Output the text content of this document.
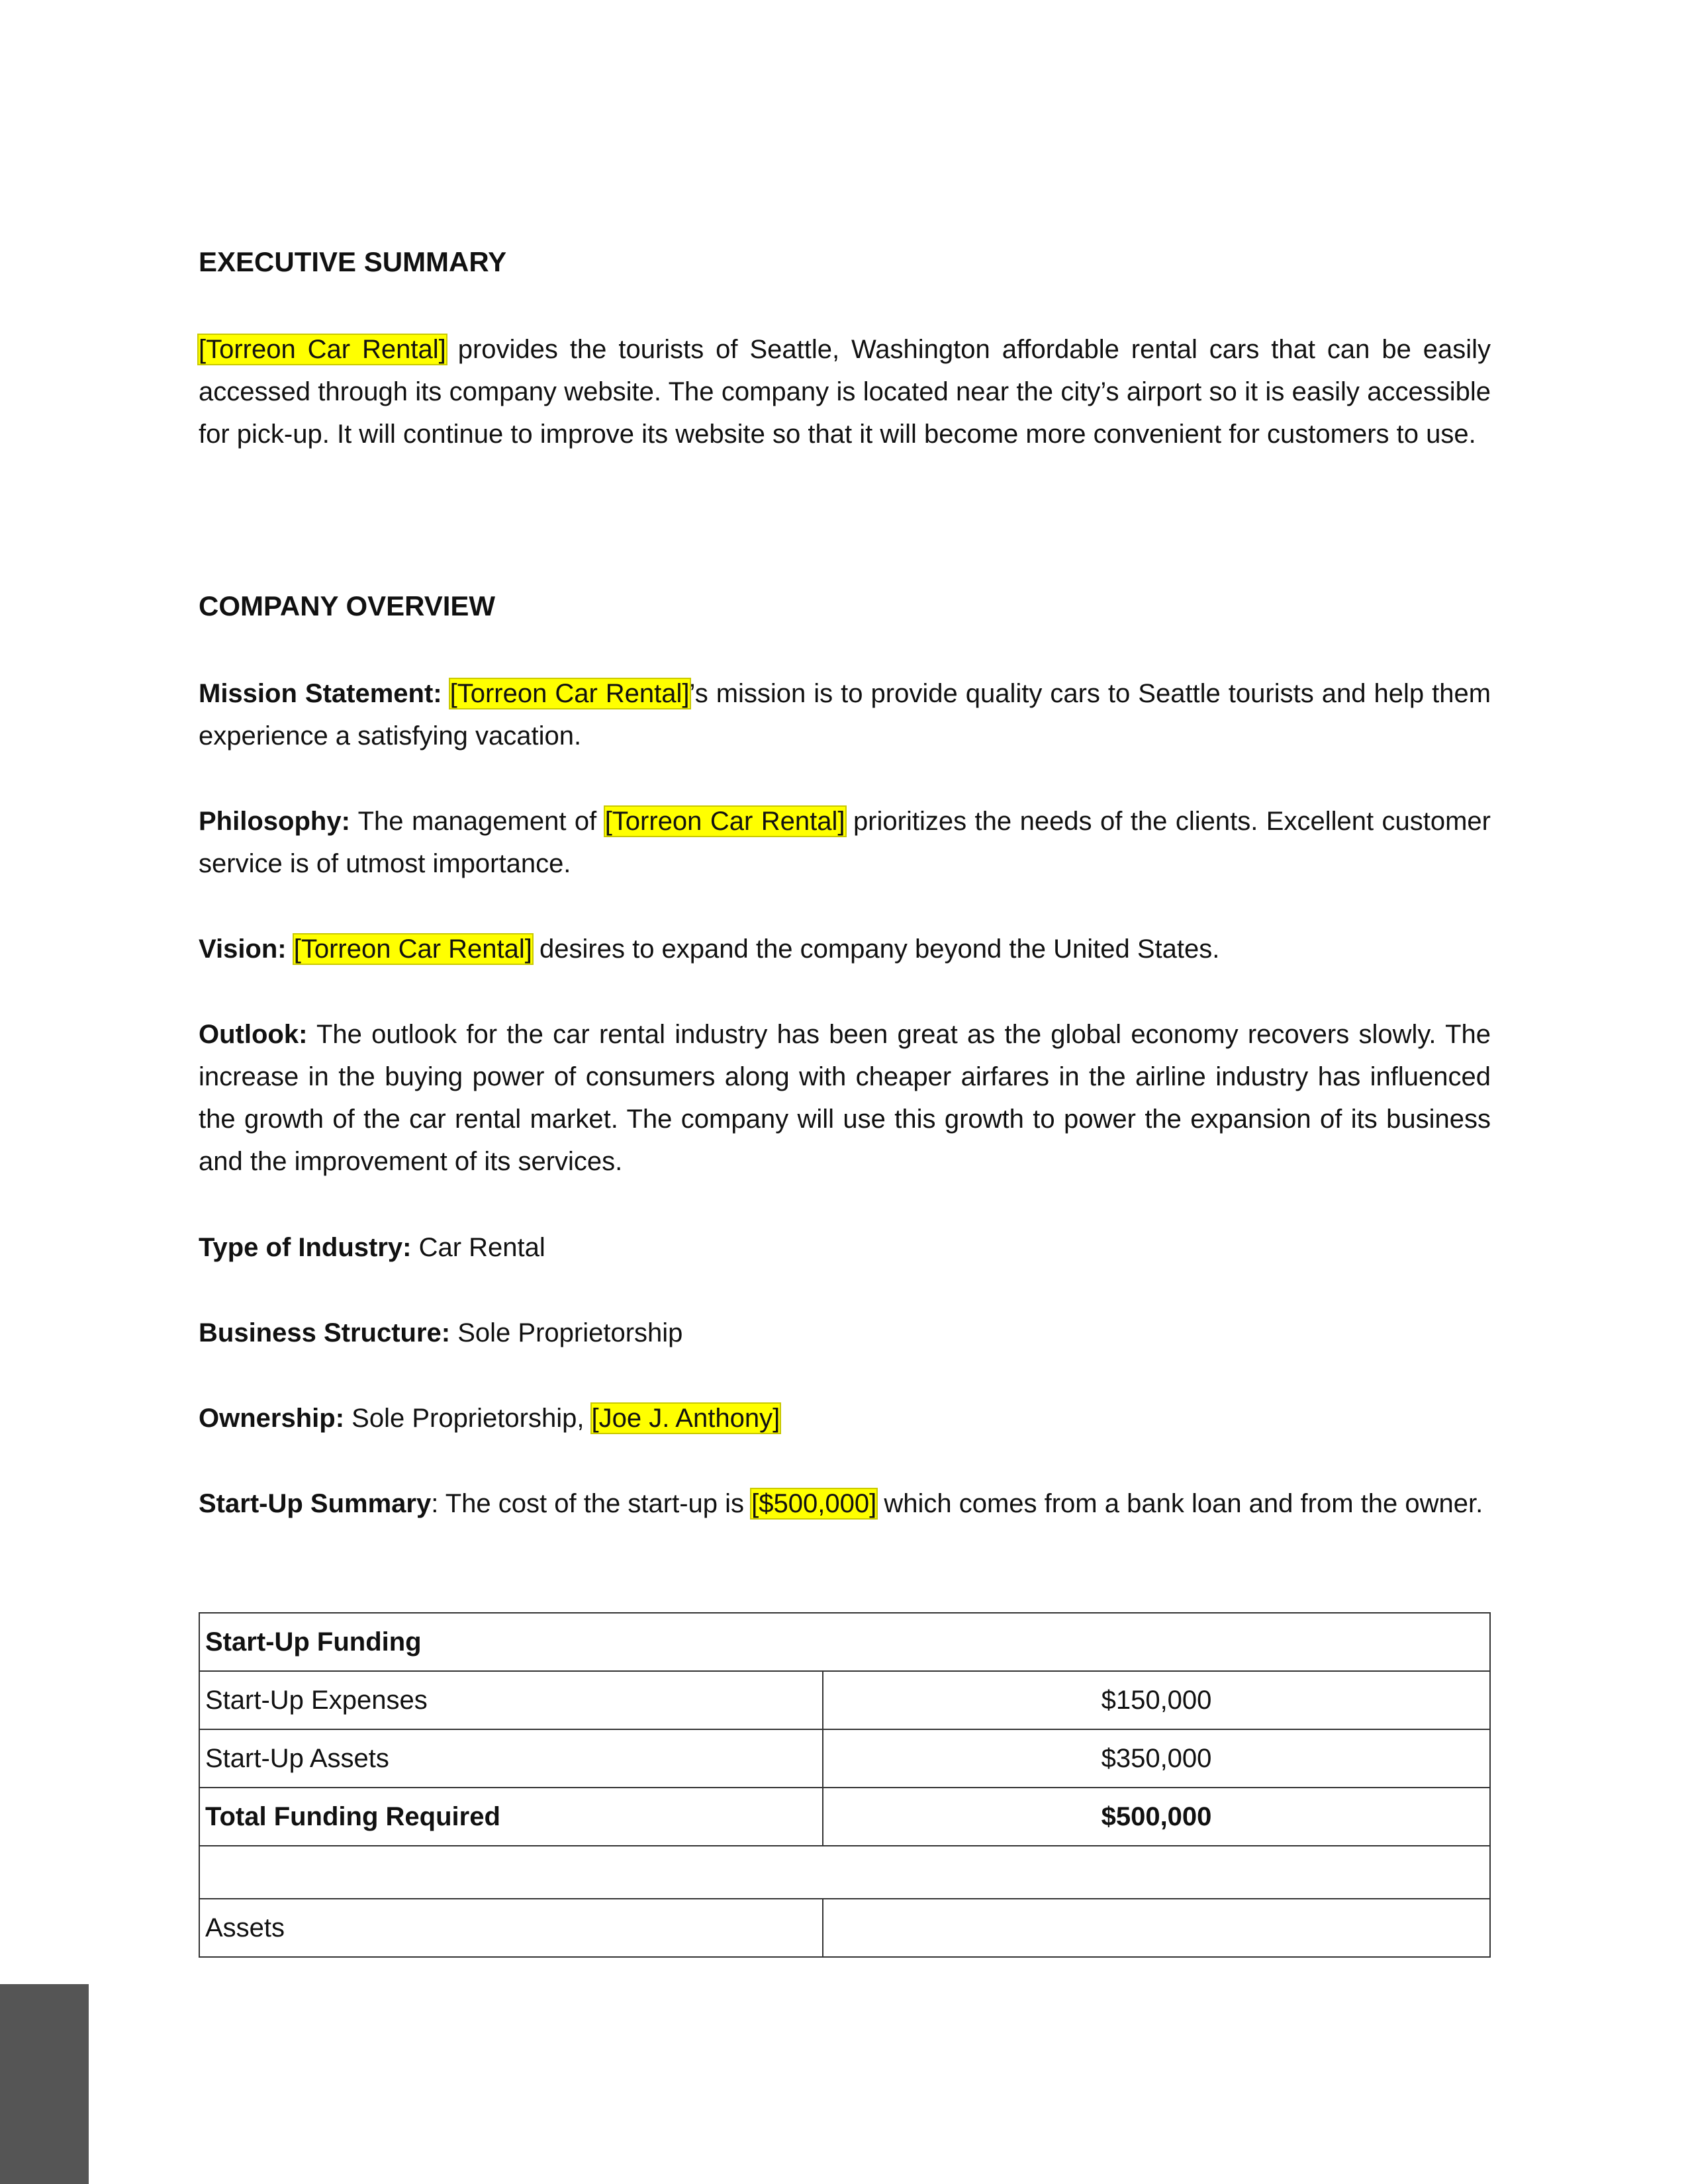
EXECUTIVE SUMMARY

[Torreon Car Rental] provides the tourists of Seattle, Washington affordable rental cars that can be easily accessed through its company website. The company is located near the city’s airport so it is easily accessible for pick-up. It will continue to improve its website so that it will become more convenient for customers to use.

COMPANY OVERVIEW

Mission Statement: [Torreon Car Rental]’s mission is to provide quality cars to Seattle tourists and help them experience a satisfying vacation.

Philosophy: The management of [Torreon Car Rental] prioritizes the needs of the clients. Excellent customer service is of utmost importance.

Vision: [Torreon Car Rental] desires to expand the company beyond the United States.

Outlook: The outlook for the car rental industry has been great as the global economy recovers slowly. The increase in the buying power of consumers along with cheaper airfares in the airline industry has influenced the growth of the car rental market. The company will use this growth to power the expansion of its business and the improvement of its services.

Type of Industry: Car Rental

Business Structure: Sole Proprietorship

Ownership: Sole Proprietorship, [Joe J. Anthony]

Start-Up Summary: The cost of the start-up is [$500,000] which comes from a bank loan and from the owner.

Start-Up Funding	
Start-Up Expenses	$150,000
Start-Up Assets	$350,000
Total Funding Required	$500,000

Assets	
